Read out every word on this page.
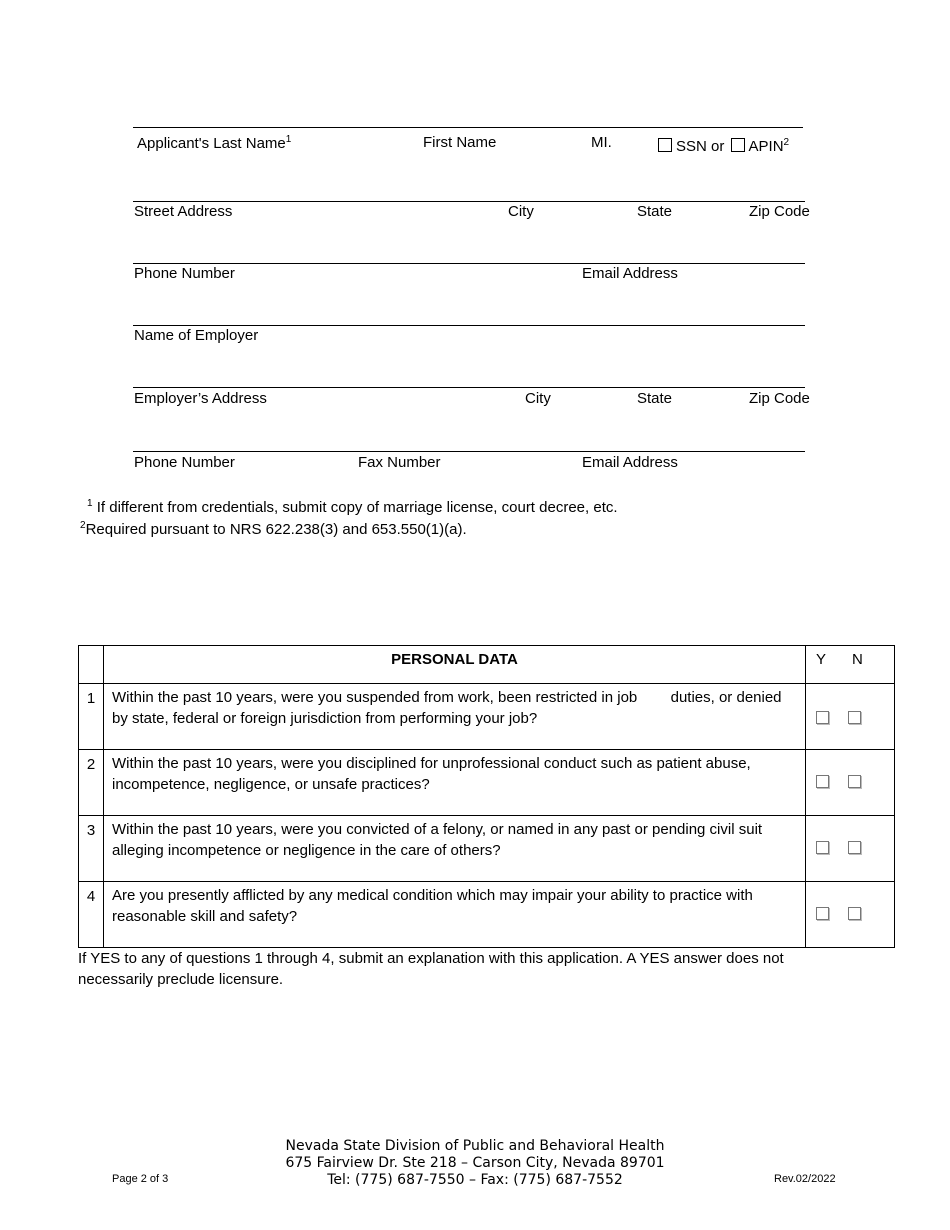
Applicant's Last Name$^1$	First Name	MI.	SSN or APIN$^2$
Street Address	City	State	Zip Code
Phone Number	Email Address
Name of Employer
Employer’s Address	City	State	Zip Code
Phone Number	Fax Number	Email Address
$^1$ If different from credentials, submit copy of marriage license, court decree, etc.
$^2$Required pursuant to NRS 622.238(3) and 653.550(1)(a).
	PERSONAL DATA	Y N

1	Within the past 10 years, were you suspended from work, been restricted in job        duties, or denied by state, federal or foreign jurisdiction from performing your job?	

2	Within the past 10 years, were you disciplined for unprofessional conduct such as patient abuse, incompetence, negligence, or unsafe practices?	

3	Within the past 10 years, were you convicted of a felony, or named in any past or pending civil suit alleging incompetence or negligence in the care of others?	

4	Are you presently afflicted by any medical condition which may impair your ability to practice with reasonable skill and safety?	
If YES to any of questions 1 through 4, submit an explanation with this application. A YES answer does not necessarily preclude licensure.
Nevada State Division of Public and Behavioral Health
675 Fairview Dr. Ste 218 – Carson City, Nevada 89701
Tel: (775) 687-7550 – Fax: (775) 687-7552
Page 2 of 3	Rev.02/2022
